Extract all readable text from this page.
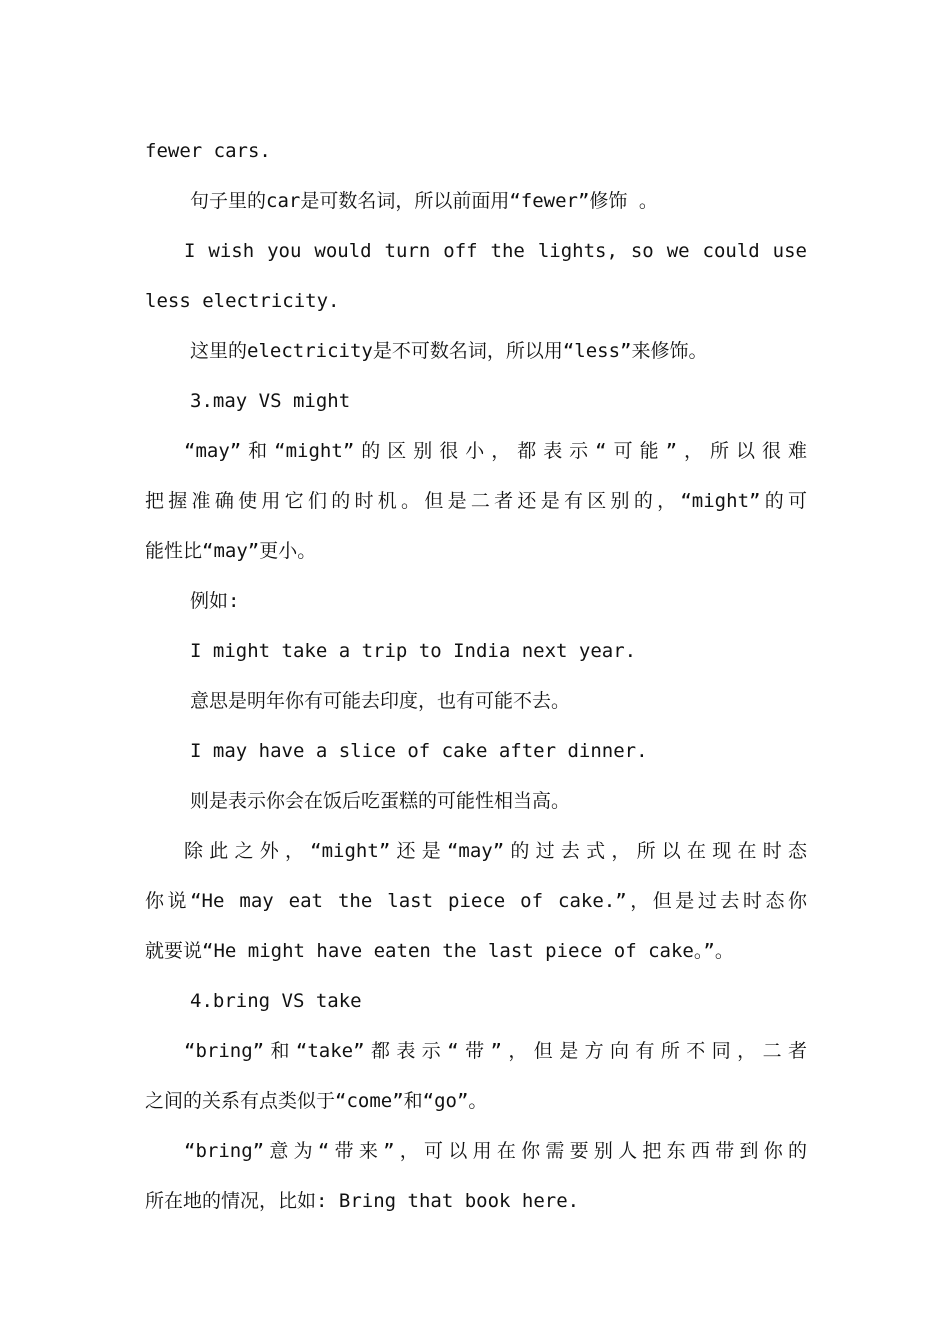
fewer cars.
句子里的car是可数名词，所以前面用“fewer”修饰 。
I wish you would turn off the lights, so we could use
less electricity.
这里的electricity是不可数名词，所以用“less”来修饰。
3.may VS might
“may”和“might”的区别很小，都表示“可能”，所以很难
把握准确使用它们的时机。但是二者还是有区别的，“might”的可
能性比“may”更小。
例如:
I might take a trip to India next year.
意思是明年你有可能去印度，也有可能不去。
I may have a slice of cake after dinner.
则是表示你会在饭后吃蛋糕的可能性相当高。
除此之外，“might”还是“may”的过去式，所以在现在时态
你说“He may eat the last piece of cake.”，但是过去时态你
就要说“He might have eaten the last piece of cake。”。
4.bring VS take
“bring”和“take”都表示“带”，但是方向有所不同，二者
之间的关系有点类似于“come”和“go”。
“bring”意为“带来”，可以用在你需要别人把东西带到你的
所在地的情况，比如: Bring that book here.
